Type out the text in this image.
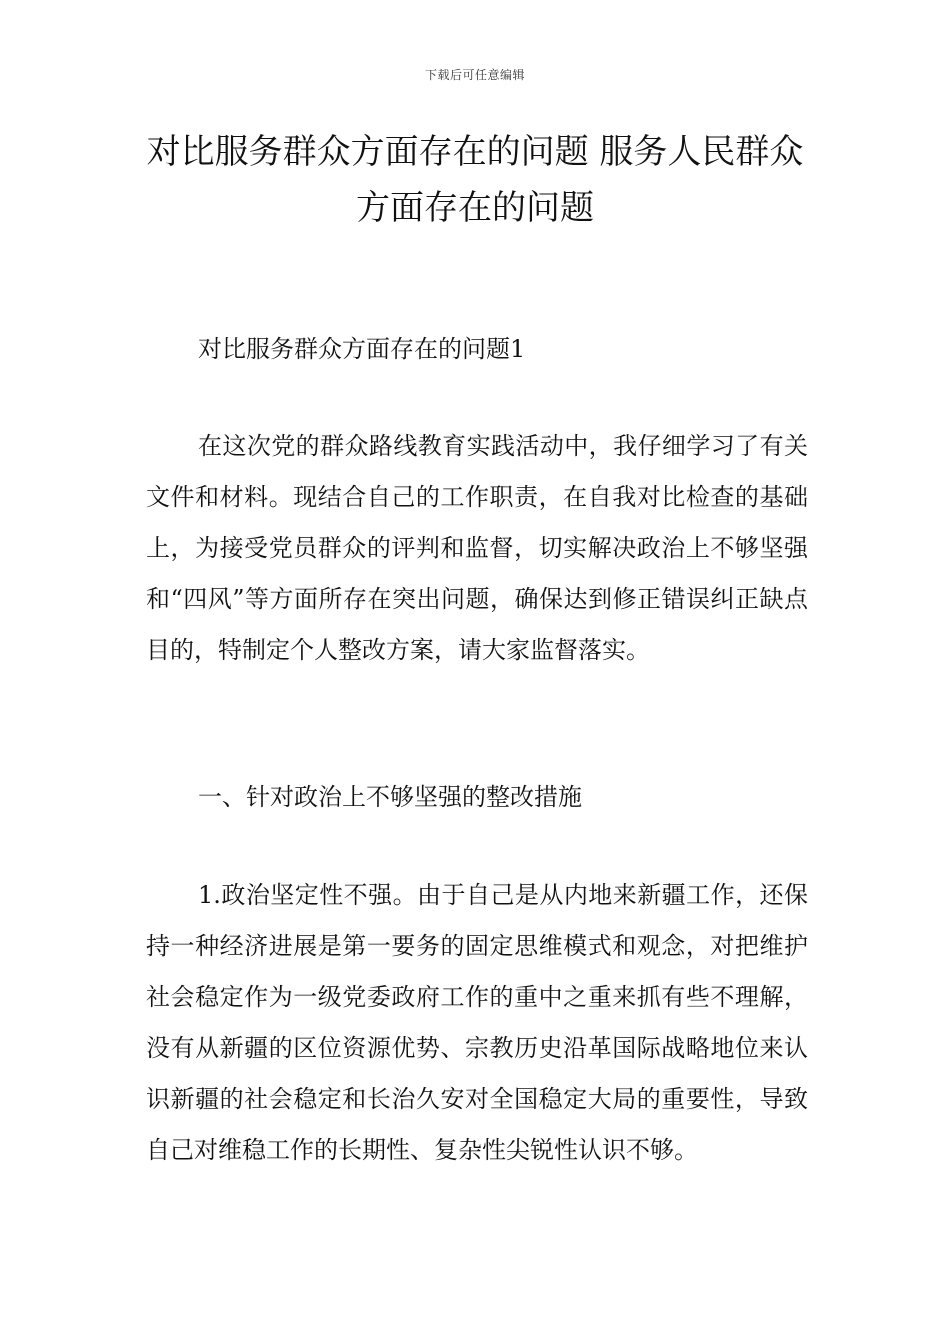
下载后可任意编辑
对比服务群众方面存在的问题 服务人民群众方面存在的问题

对比服务群众方面存在的问题1

在这次党的群众路线教育实践活动中，我仔细学习了有关文件和材料。现结合自己的工作职责，在自我对比检查的基础上，为接受党员群众的评判和监督，切实解决政治上不够坚强和“四风”等方面所存在突出问题，确保达到修正错误纠正缺点目的，特制定个人整改方案，请大家监督落实。

一、针对政治上不够坚强的整改措施

1.政治坚定性不强。由于自己是从内地来新疆工作，还保持一种经济进展是第一要务的固定思维模式和观念，对把维护社会稳定作为一级党委政府工作的重中之重来抓有些不理解，没有从新疆的区位资源优势、宗教历史沿革国际战略地位来认识新疆的社会稳定和长治久安对全国稳定大局的重要性，导致自己对维稳工作的长期性、复杂性尖锐性认识不够。
